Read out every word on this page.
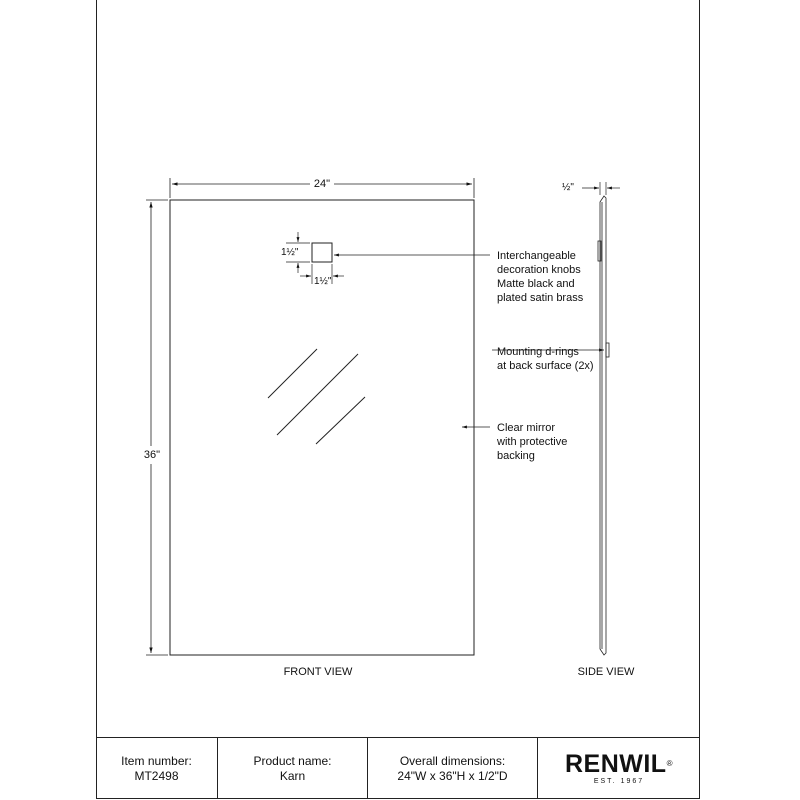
24"
36"
1½"
1½"
½"
Interchangeable
decoration knobs
Matte black and
plated satin brass
Mounting d-rings
at back surface (2x)
Clear mirror
with protective
backing
FRONT VIEW	SIDE VIEW
Item number:
MT2498
Product name:
Karn
Overall dimensions:
24"W x 36"H x 1/2"D RENWIL®
EST. 1967
